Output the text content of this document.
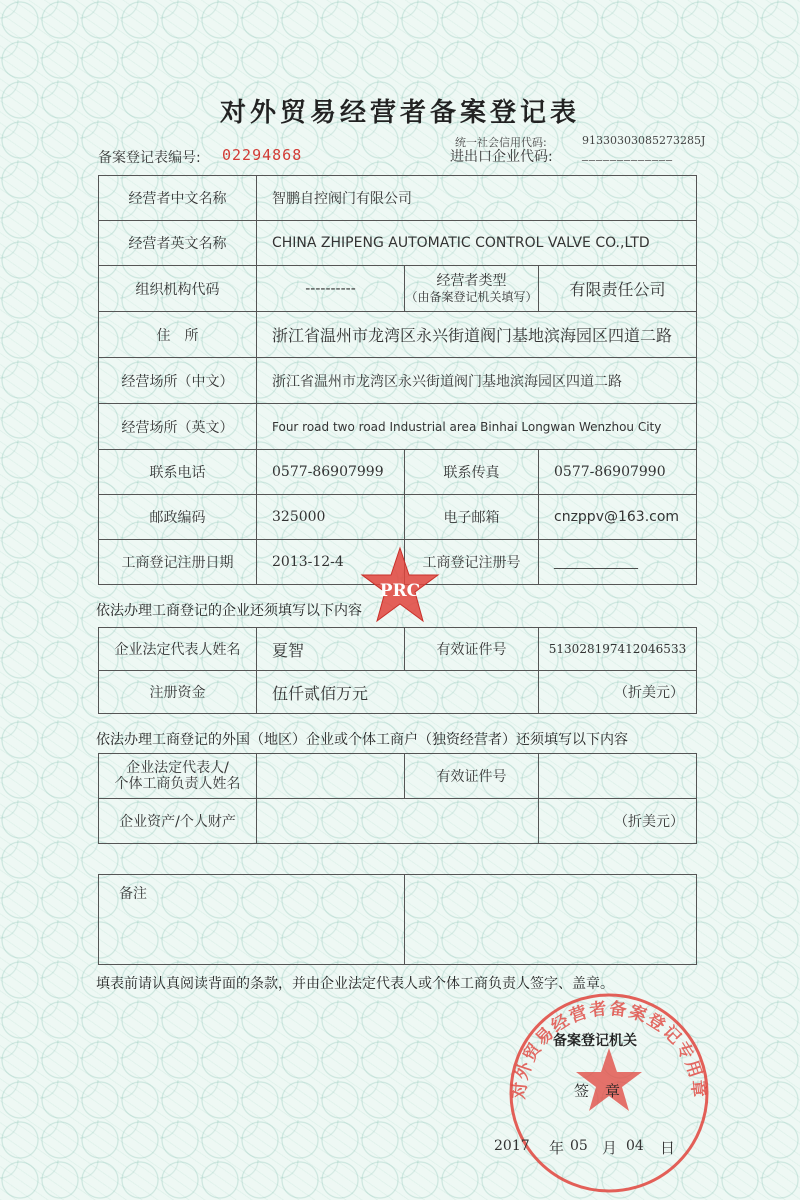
对外贸易经营者备案登记表
备案登记表编号: 02294868
统一社会信用代码:	91330303085273285J
进出口企业代码: _____________
经营者中文名称	智鹏自控阀门有限公司		
经营者英文名称	CHINA ZHIPENG AUTOMATIC CONTROL VALVE CO.,LTD		
组织机构代码	----------	经营者类型
（由备案登记机关填写）	有限责任公司
住　所	浙江省温州市龙湾区永兴街道阀门基地滨海园区四道二路		
经营场所（中文）	浙江省温州市龙湾区永兴街道阀门基地滨海园区四道二路		
经营场所（英文）	Four road two road Industrial area Binhai Longwan Wenzhou City		
联系电话	0577-86907999	联系传真	0577-86907990
邮政编码	325000	电子邮箱	cnzppv@163.com
工商登记注册日期	2013-12-4	工商登记注册号	______________
依法办理工商登记的企业还须填写以下内容
企业法定代表人姓名	夏智	有效证件号	513028197412046533
注册资金	伍仟贰佰万元		（折美元）
依法办理工商登记的外国（地区）企业或个体工商户（独资经营者）还须填写以下内容
企业法定代表人/
个体工商负责人姓名		有效证件号	
企业资产/个人财产			（折美元）
备注	
填表前请认真阅读背面的条款，并由企业法定代表人或个体工商负责人签字、盖章。
PRC
对外贸易经营者备案登记专用章
备案登记机关
签章
2017 年 05 月 04 日
